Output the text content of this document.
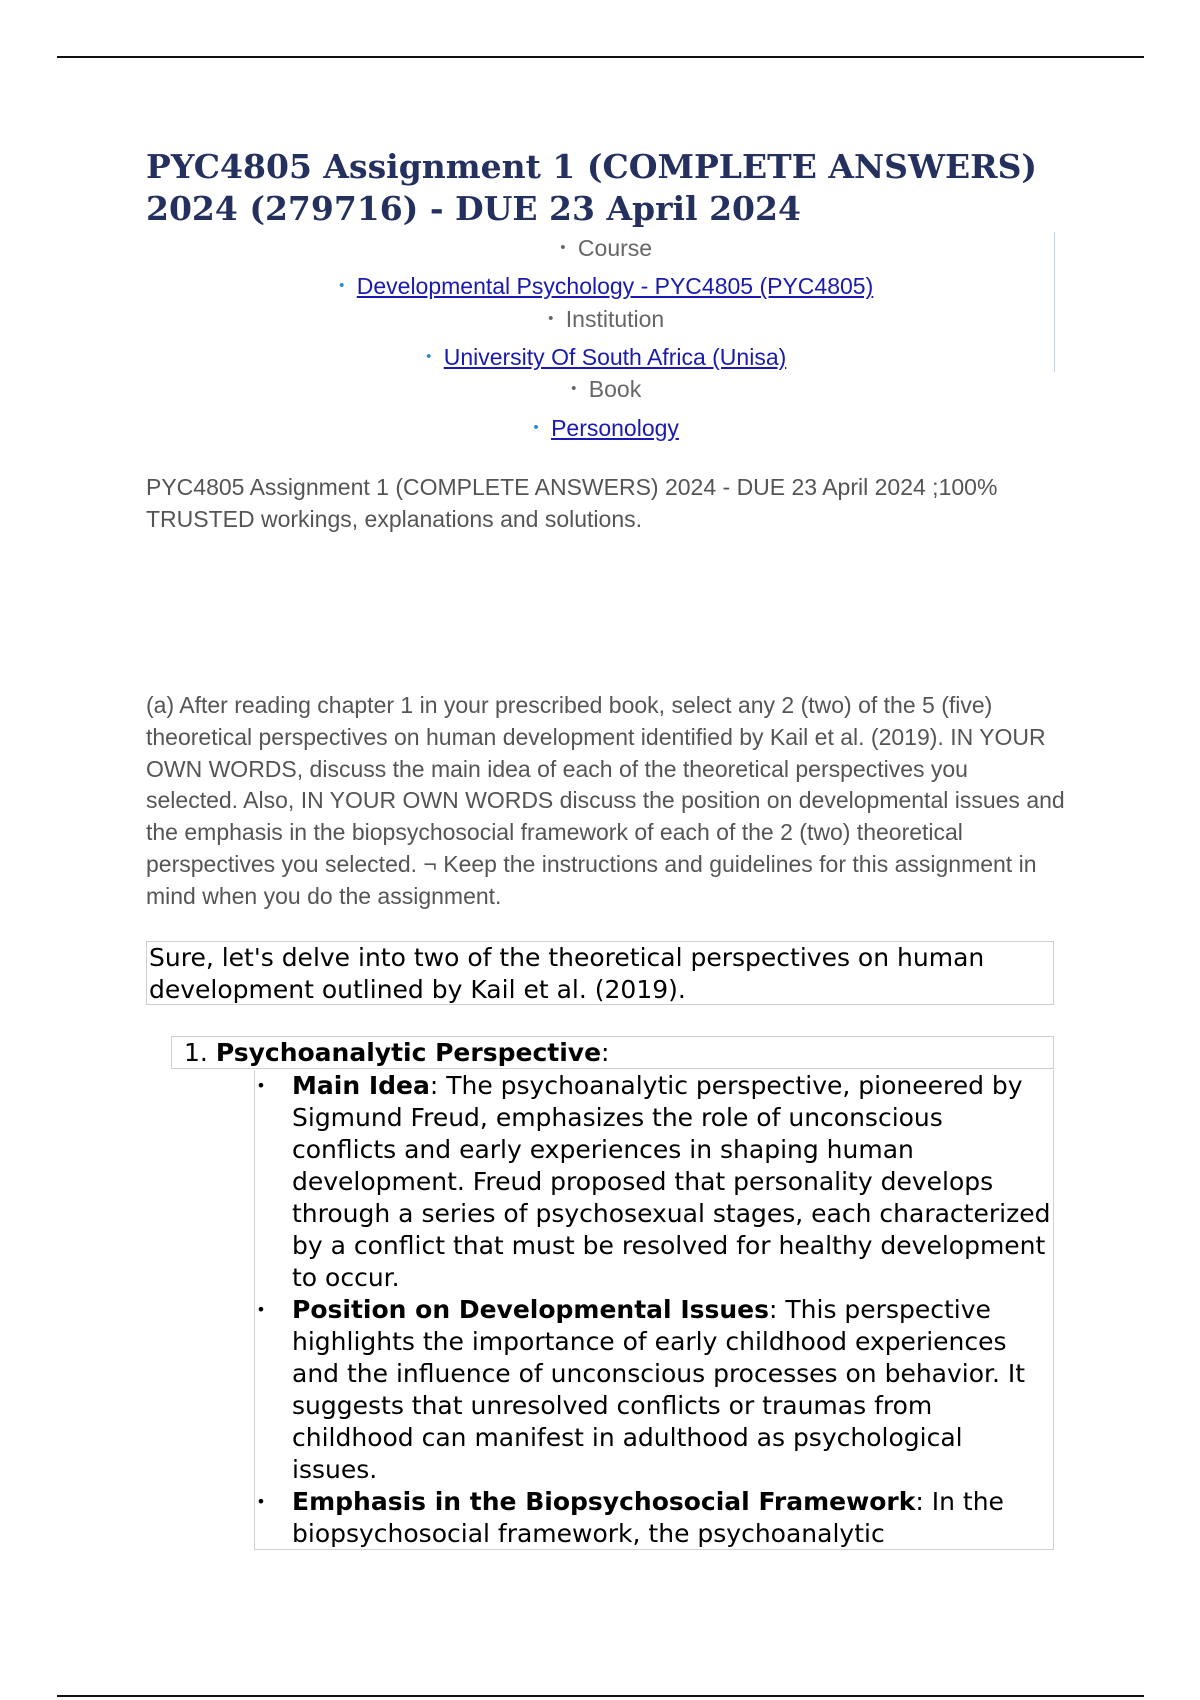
PYC4805 Assignment 1 (COMPLETE ANSWERS) 2024 (279716) - DUE 23 April 2024
• Course
• Developmental Psychology - PYC4805 (PYC4805)
• Institution
• University Of South Africa (Unisa)
• Book
• Personology

PYC4805 Assignment 1 (COMPLETE ANSWERS) 2024 - DUE 23 April 2024 ;100% TRUSTED workings, explanations and solutions.

(a) After reading chapter 1 in your prescribed book, select any 2 (two) of the 5 (five) theoretical perspectives on human development identified by Kail et al. (2019). IN YOUR OWN WORDS, discuss the main idea of each of the theoretical perspectives you selected. Also, IN YOUR OWN WORDS discuss the position on developmental issues and the emphasis in the biopsychosocial framework of each of the 2 (two) theoretical perspectives you selected. ¬ Keep the instructions and guidelines for this assignment in mind when you do the assignment.

Sure, let's delve into two of the theoretical perspectives on human development outlined by Kail et al. (2019).

1. Psychoanalytic Perspective:

• Main Idea: The psychoanalytic perspective, pioneered by Sigmund Freud, emphasizes the role of unconscious conflicts and early experiences in shaping human development. Freud proposed that personality develops through a series of psychosexual stages, each characterized by a conflict that must be resolved for healthy development to occur.

• Position on Developmental Issues: This perspective highlights the importance of early childhood experiences and the influence of unconscious processes on behavior. It suggests that unresolved conflicts or traumas from childhood can manifest in adulthood as psychological issues.

• Emphasis in the Biopsychosocial Framework: In the biopsychosocial framework, the psychoanalytic
